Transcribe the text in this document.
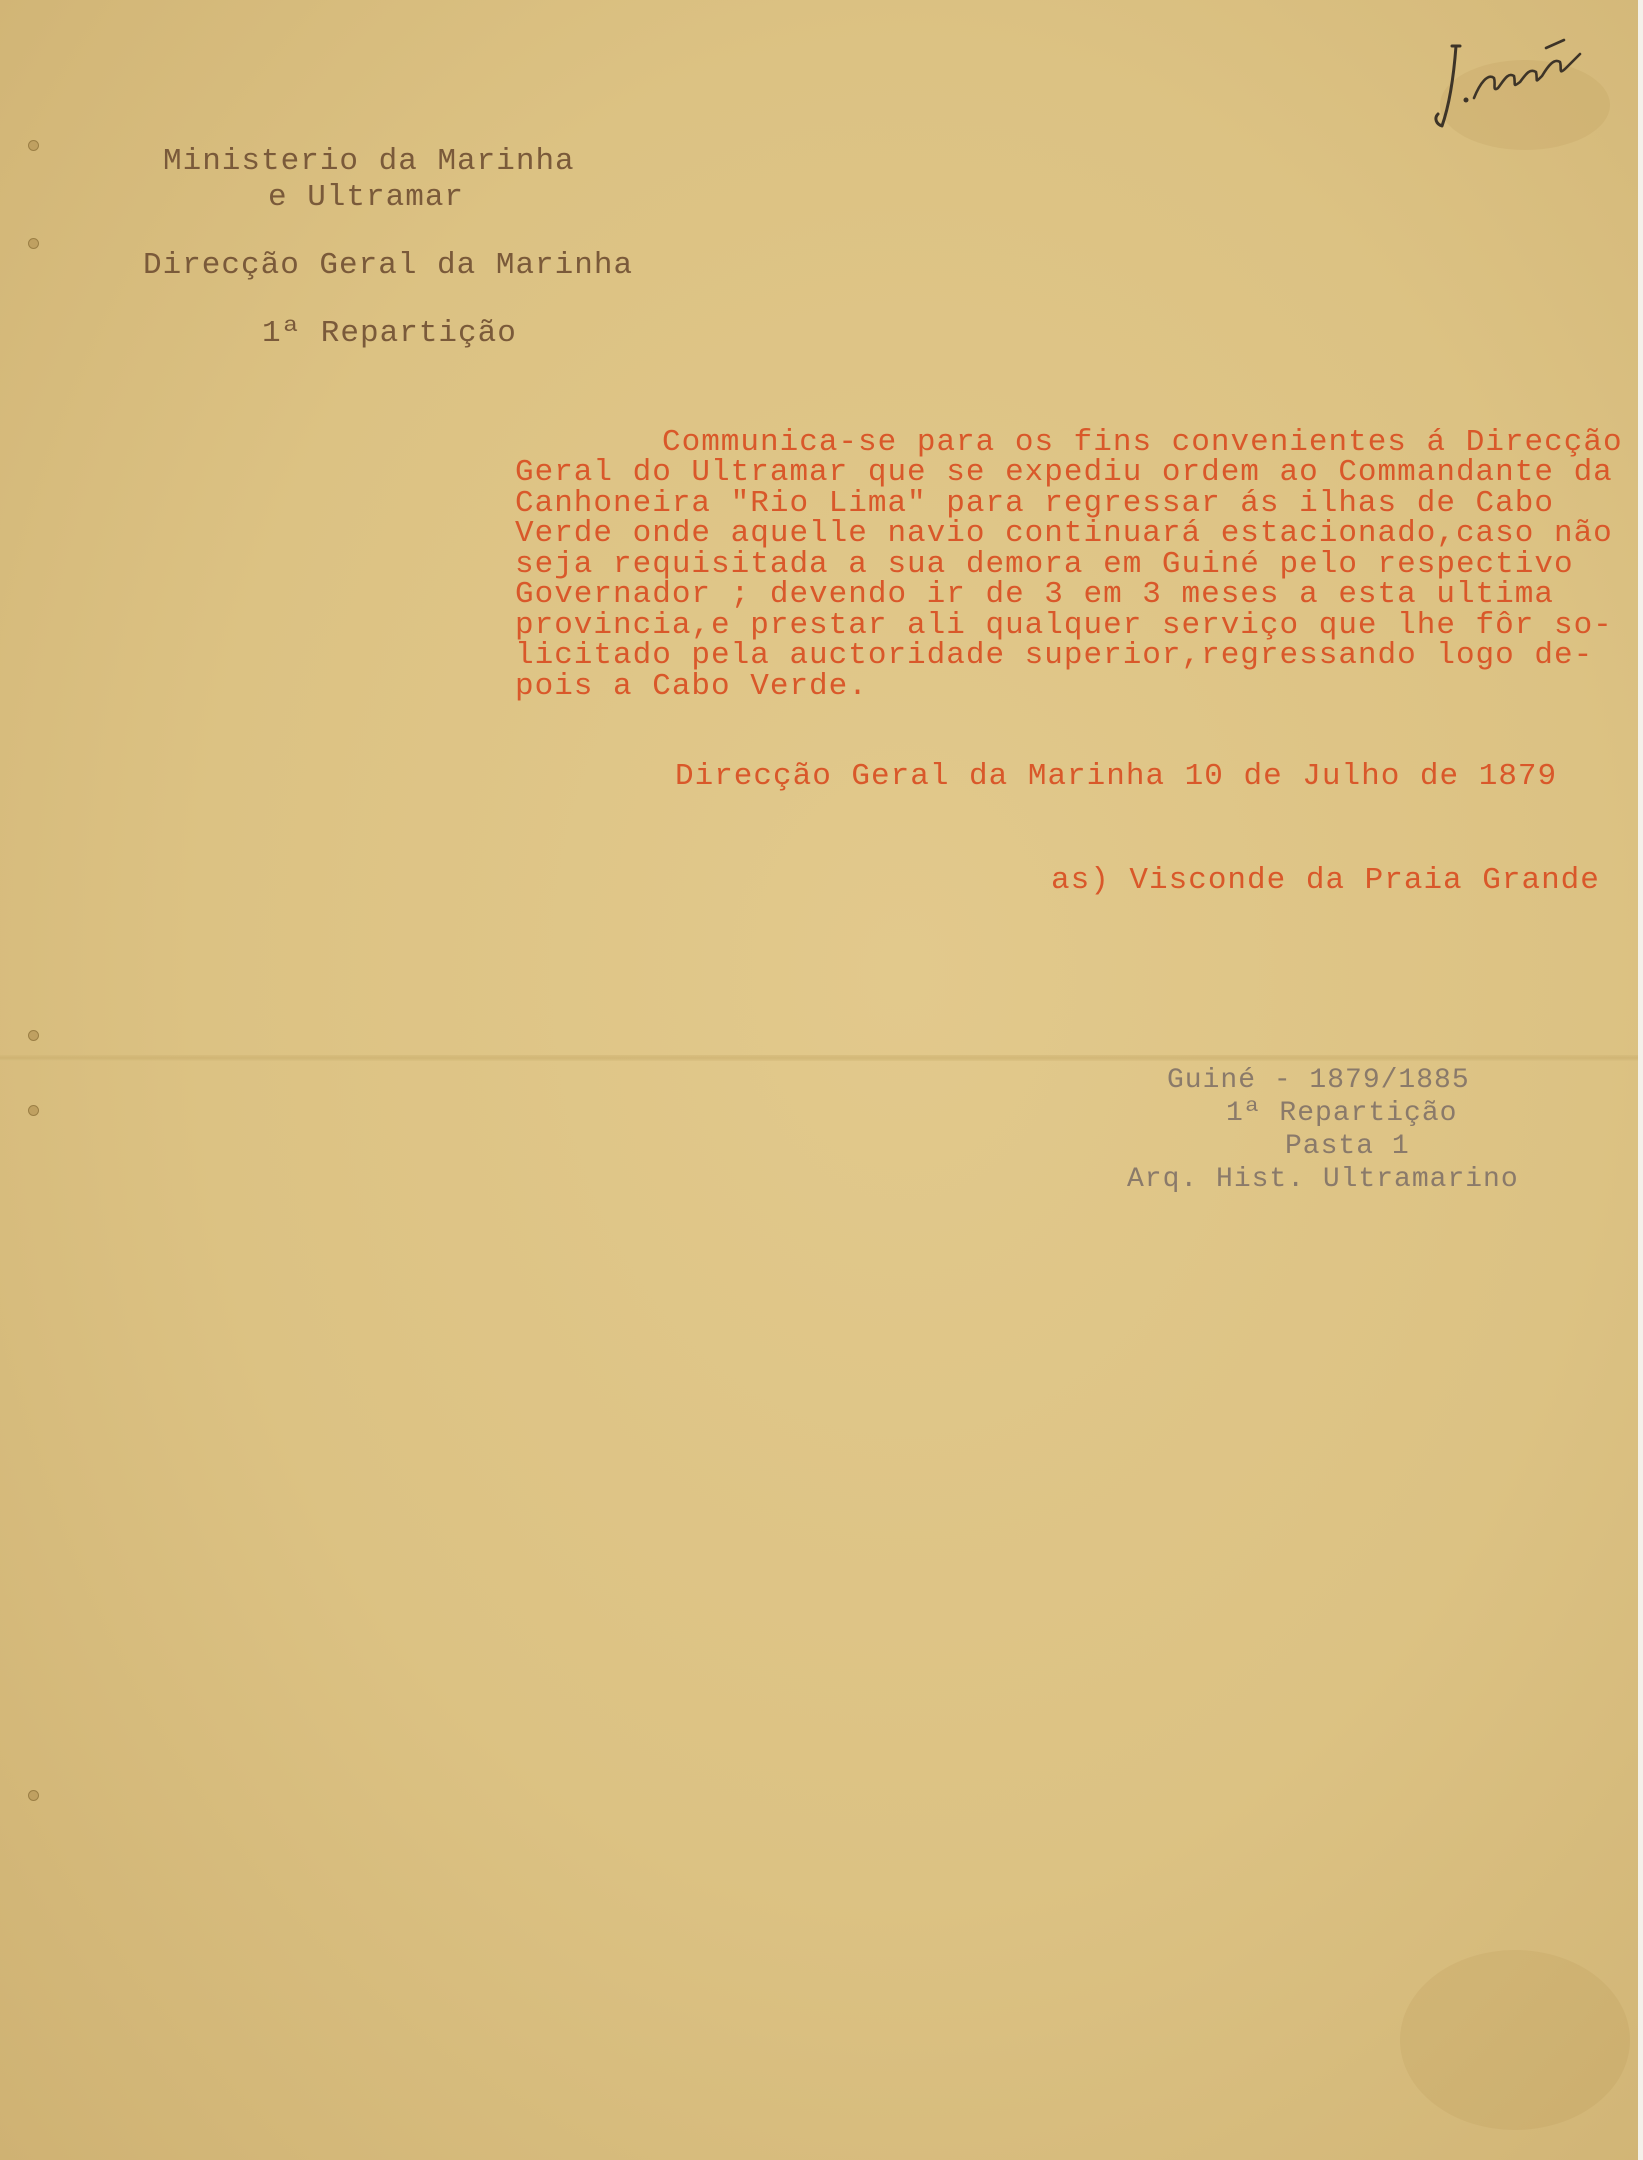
Ministerio da Marinha

e Ultramar

Direcção Geral da Marinha

1ª Repartição

Communica-se para os fins convenientes á Direcção

Geral do Ultramar que se expediu ordem ao Commandante da

Canhoneira "Rio Lima" para regressar ás ilhas de Cabo

Verde onde aquelle navio continuará estacionado,caso não

seja requisitada a sua demora em Guiné pelo respectivo

Governador ; devendo ir de 3 em 3 meses a esta ultima

provincia,e prestar ali qualquer serviço que lhe fôr so-

licitado pela auctoridade superior,regressando logo de-

pois a Cabo Verde.

Direcção Geral da Marinha 10 de Julho de 1879

as) Visconde da Praia Grande

Guiné - 1879/1885

1ª Repartição

Pasta 1

Arq. Hist. Ultramarino
